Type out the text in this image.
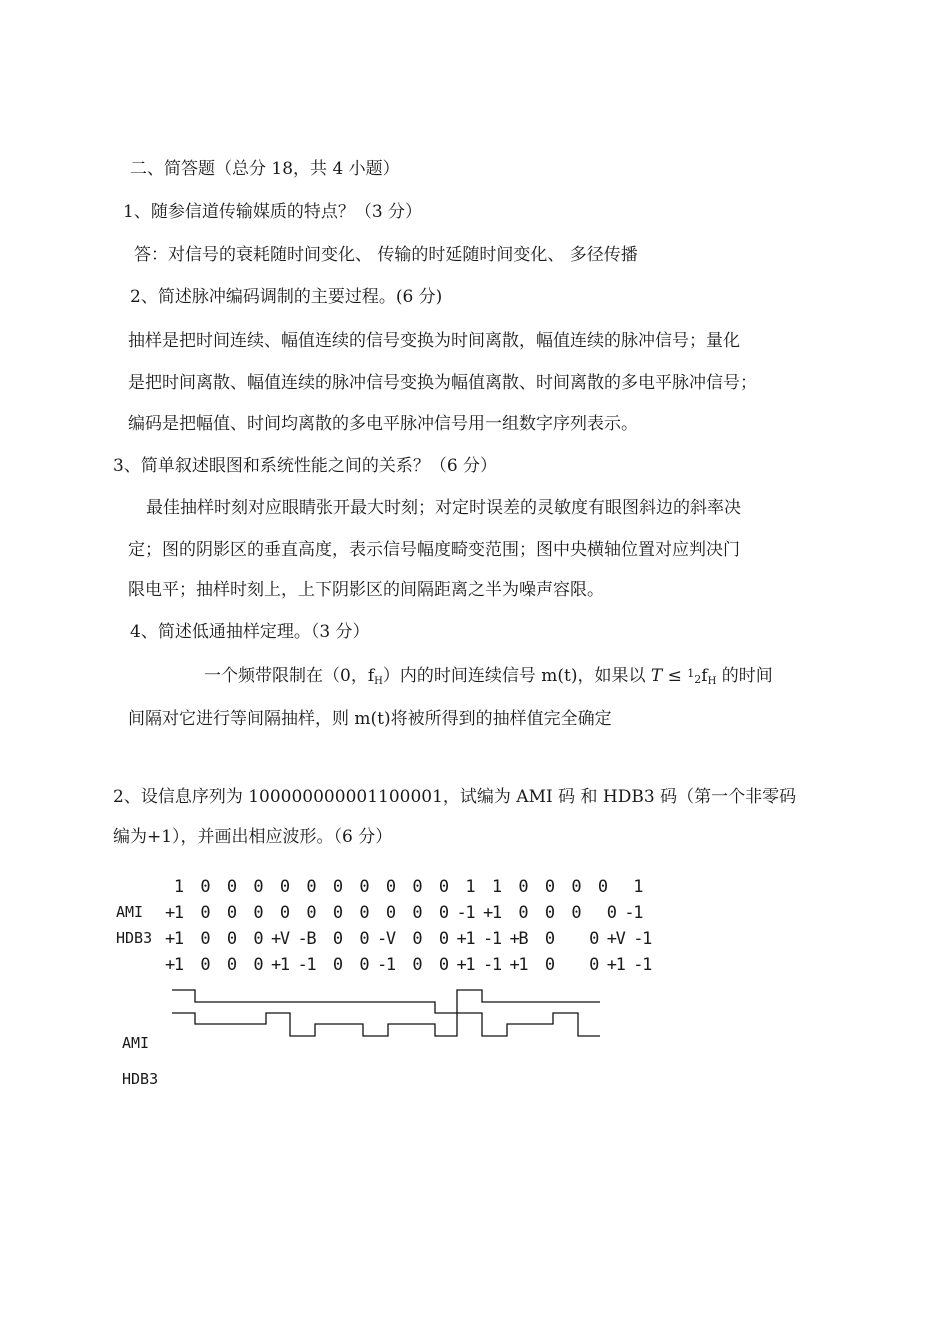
二、简答题（总分 18，共 4 小题）
1、随参信道传输媒质的特点？（3 分）
答：对信号的衰耗随时间变化、 传输的时延随时间变化、 多径传播
2、简述脉冲编码调制的主要过程。(6 分)
抽样是把时间连续、幅值连续的信号变换为时间离散，幅值连续的脉冲信号；量化
是把时间离散、幅值连续的脉冲信号变换为幅值离散、时间离散的多电平脉冲信号；
编码是把幅值、时间均离散的多电平脉冲信号用一组数字序列表示。
3、简单叙述眼图和系统性能之间的关系？（6 分）
最佳抽样时刻对应眼睛张开最大时刻；对定时误差的灵敏度有眼图斜边的斜率决
定；图的阴影区的垂直高度，表示信号幅度畸变范围；图中央横轴位置对应判决门
限电平；抽样时刻上，上下阴影区的间隔距离之半为噪声容限。
4、简述低通抽样定理。（3 分）
一个频带限制在（0，$f_H$）内的时间连续信号 m(t)，如果以 $T \le ^12f_H$ 的时间
间隔对它进行等间隔抽样，则 m(t)将被所得到的抽样值完全确定
2、设信息序列为 100000000001100001，试编为 AMI 码 和 HDB3 码（第一个非零码
编为+1），并画出相应波形。（6 分）
1  0  0  0  0  0  0  0  0  0  0  1  1  0  0  0  0   1
AMI +1  0  0  0  0  0  0  0  0  0  0 -1 +1  0  0  0   0 -1
HDB3 +1  0  0  0 +V -B  0  0 -V  0  0 +1 -1 +B  0    0 +V -1
+1  0  0  0 +1 -1  0  0 -1  0  0 +1 -1 +1  0    0 +1 -1
AMI
HDB3
